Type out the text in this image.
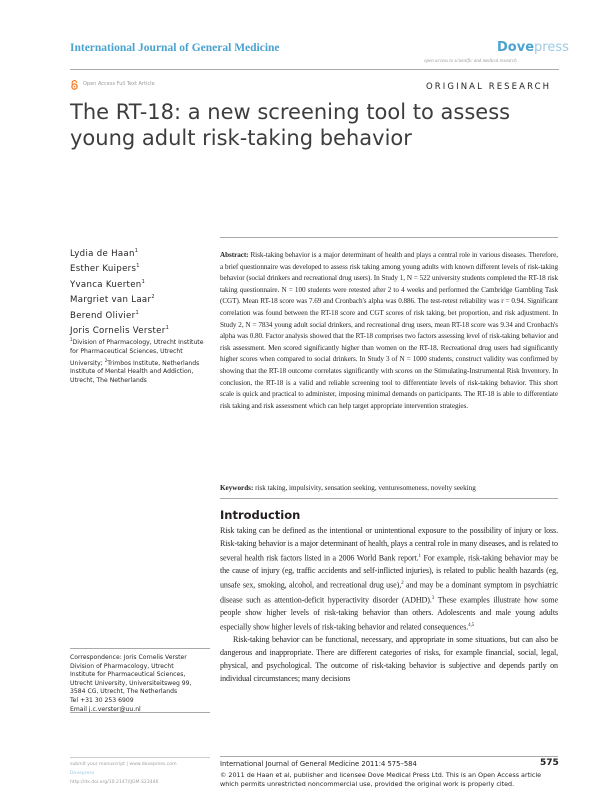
International Journal of General Medicine	Dovepress
open access to scientific and medical research
Open Access Full Text Article	ORIGINAL RESEARCH
The RT-18: a new screening tool to assess
young adult risk-taking behavior
Lydia de Haan$^1$
Esther Kuipers$^1$
Yvanca Kuerten$^1$
Margriet van Laar$^2$
Berend Olivier$^1$
Joris Cornelis Verster$^1$
$^1$Division of Pharmacology, Utrecht Institute for Pharmaceutical Sciences, Utrecht University; $^2$Trimbos Institute, Netherlands Institute of Mental Health and Addiction, Utrecht, The Netherlands
Abstract: Risk-taking behavior is a major determinant of health and plays a central role in various diseases. Therefore, a brief questionnaire was developed to assess risk taking among young adults with known different levels of risk-taking behavior (social drinkers and recreational drug users). In Study 1, N = 522 university students completed the RT-18 risk taking questionnaire. N = 100 students were retested after 2 to 4 weeks and performed the Cambridge Gambling Task (CGT). Mean RT-18 score was 7.69 and Cronbach's alpha was 0.886. The test-retest reliability was r = 0.94. Significant correlation was found between the RT-18 score and CGT scores of risk taking, bet proportion, and risk adjustment. In Study 2, N = 7834 young adult social drinkers, and recreational drug users, mean RT-18 score was 9.34 and Cronbach's alpha was 0.80. Factor analysis showed that the RT-18 comprises two factors assessing level of risk-taking behavior and risk assessment. Men scored significantly higher than women on the RT-18. Recreational drug users had significantly higher scores when compared to social drinkers. In Study 3 of N = 1000 students, construct validity was confirmed by showing that the RT-18 outcome correlates significantly with scores on the Stimulating-Instrumental Risk Inventory. In conclusion, the RT-18 is a valid and reliable screening tool to differentiate levels of risk-taking behavior. This short scale is quick and practical to administer, imposing minimal demands on participants. The RT-18 is able to differentiate risk taking and risk assessment which can help target appropriate intervention strategies.
Keywords: risk taking, impulsivity, sensation seeking, venturesomeness, novelty seeking
Introduction

Risk taking can be defined as the intentional or unintentional exposure to the possibility of injury or loss. Risk-taking behavior is a major determinant of health, plays a central role in many diseases, and is related to several health risk factors listed in a 2006 World Bank report.$^1$ For example, risk-taking behavior may be the cause of injury (eg, traffic accidents and self-inflicted injuries), is related to public health hazards (eg, unsafe sex, smoking, alcohol, and recreational drug use),$^2$ and may be a dominant symptom in psychiatric disease such as attention-deficit hyperactivity disorder (ADHD).$^3$ These examples illustrate how some people show higher levels of risk-taking behavior than others. Adolescents and male young adults especially show higher levels of risk-taking behavior and related consequences.$^{4,5}$

Risk-taking behavior can be functional, necessary, and appropriate in some situations, but can also be dangerous and inappropriate. There are different categories of risks, for example financial, social, legal, physical, and psychological. The outcome of risk-taking behavior is subjective and depends partly on individual circumstances; many decisions

Correspondence: Joris Cornelis Verster
Division of Pharmacology, Utrecht
Institute for Pharmaceutical Sciences,
Utrecht University, Universiteitsweg 99,
3584 CG, Utrecht, The Netherlands
Tel +31 30 253 6909
Email j.c.verster@uu.nl
submit your manuscript | www.dovepress.com
Dovepress
http://dx.doi.org/10.2147/IJGM.S23446
International Journal of General Medicine 2011:4 575–584	575
© 2011 de Haan et al, publisher and licensee Dove Medical Press Ltd. This is an Open Access article
which permits unrestricted noncommercial use, provided the original work is properly cited.
